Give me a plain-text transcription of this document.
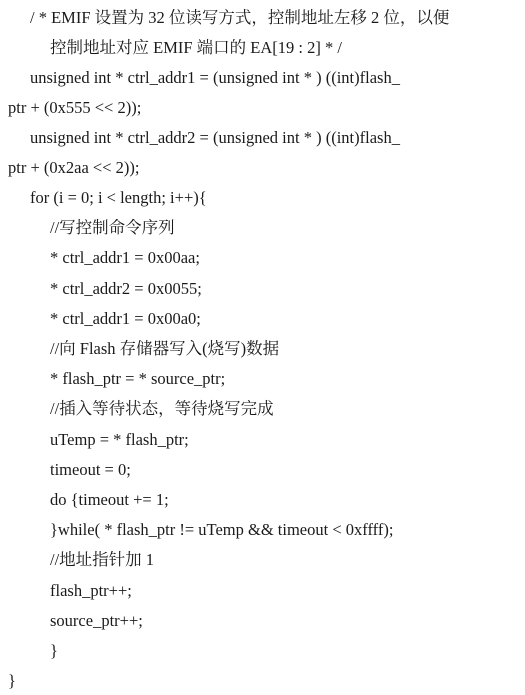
/ * EMIF 设置为 32 位读写方式，控制地址左移 2 位，以便
控制地址对应 EMIF 端口的 EA[19 : 2] * /
unsigned int * ctrl_addr1 = (unsigned int * ) ((int)flash_
ptr + (0x555 << 2));
unsigned int * ctrl_addr2 = (unsigned int * ) ((int)flash_
ptr + (0x2aa << 2));
for (i = 0; i < length; i++){
//写控制命令序列
* ctrl_addr1 = 0x00aa;
* ctrl_addr2 = 0x0055;
* ctrl_addr1 = 0x00a0;
//向 Flash 存储器写入(烧写)数据
* flash_ptr = * source_ptr;
//插入等待状态，等待烧写完成
uTemp = * flash_ptr;
timeout = 0;
do {timeout += 1;
}while( * flash_ptr != uTemp && timeout < 0xffff);
//地址指针加 1
flash_ptr++;
source_ptr++;
}
}
